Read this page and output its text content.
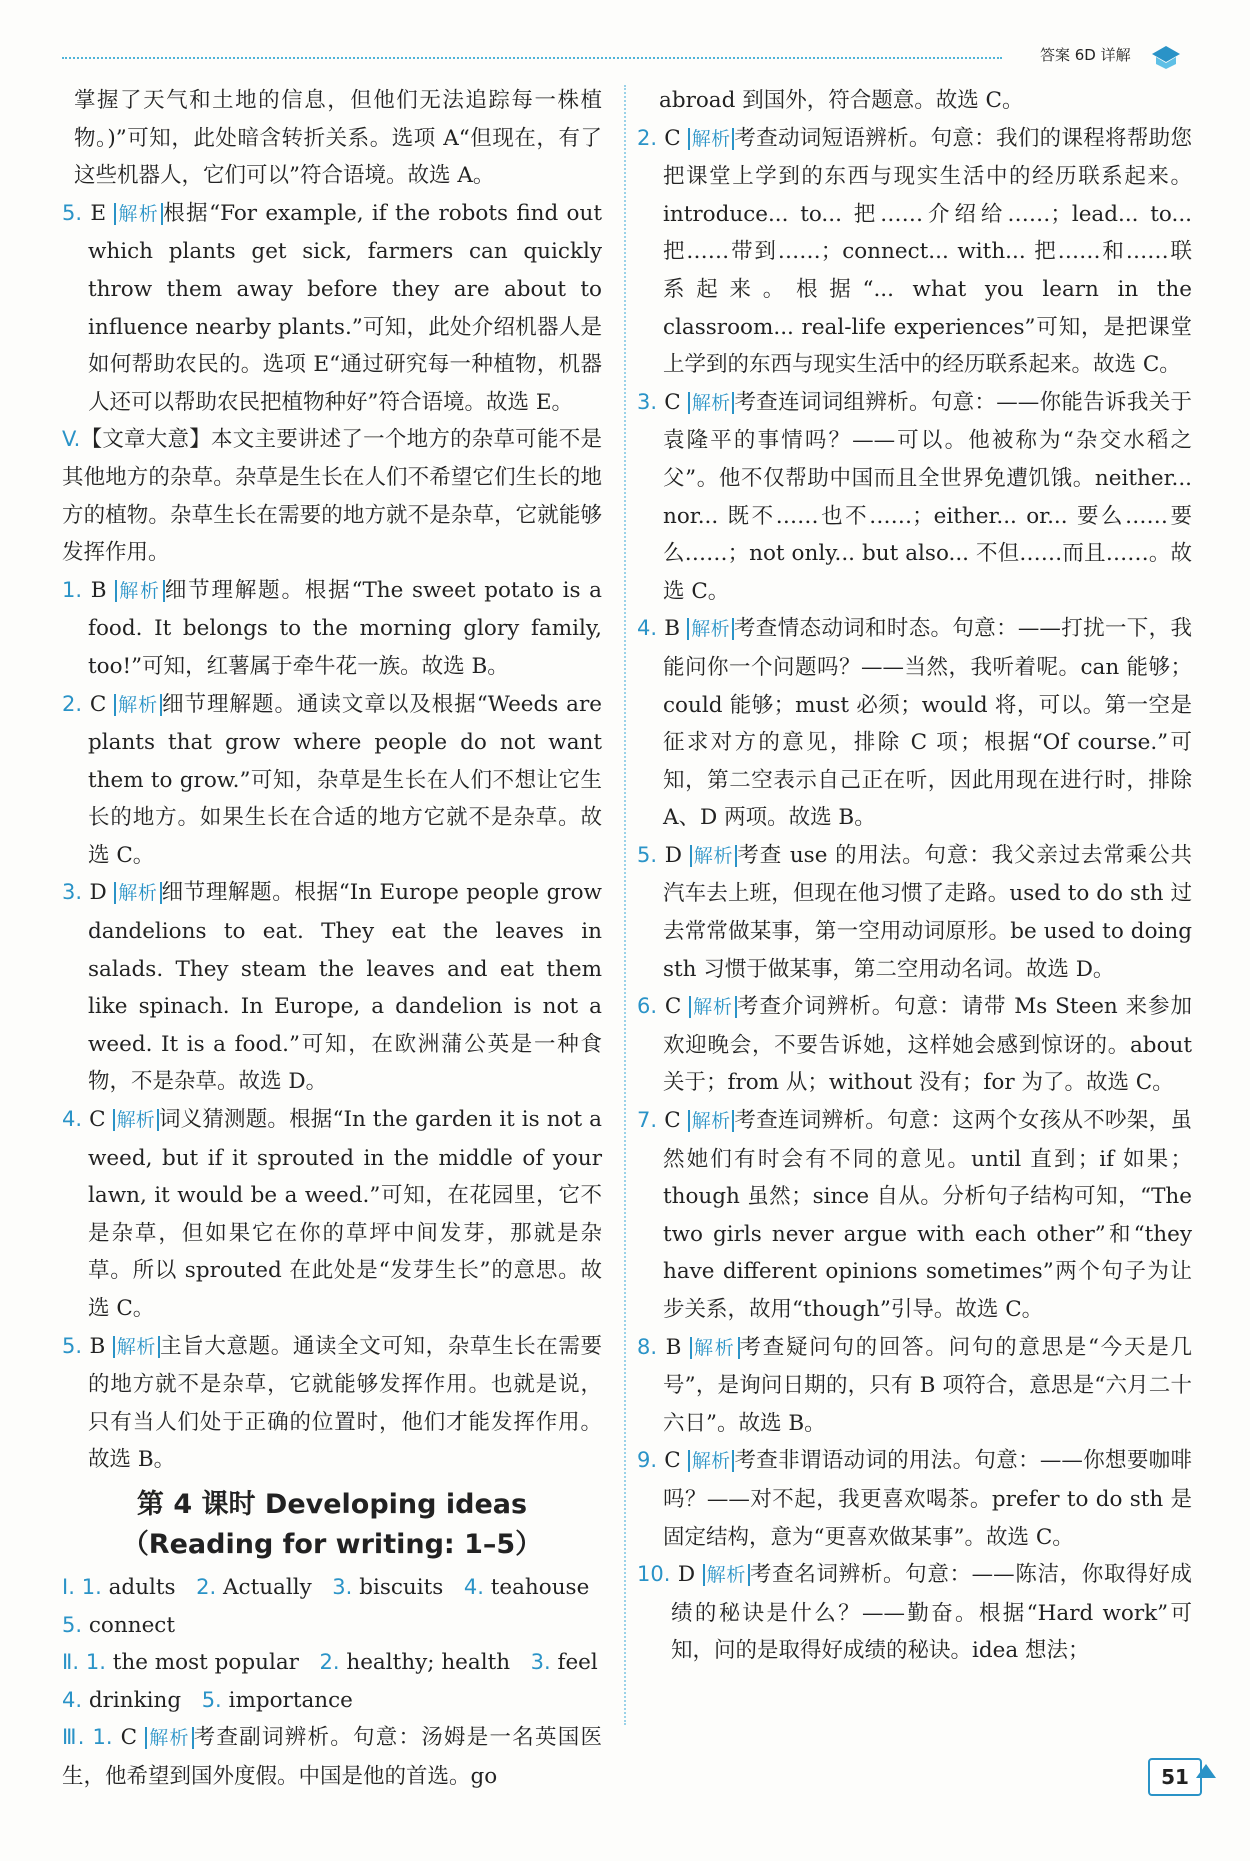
答案 6D 详解

掌握了天气和土地的信息，但他们无法追踪每一株植物。)”可知，此处暗含转折关系。选项 A“但现在，有了这些机器人，它们可以”符合语境。故选 A。

5. E 解析 根据“For example, if the robots find out which plants get sick, farmers can quickly throw them away before they are about to influence nearby plants.”可知，此处介绍机器人是如何帮助农民的。选项 E“通过研究每一种植物，机器人还可以帮助农民把植物种好”符合语境。故选 E。

V.【文章大意】本文主要讲述了一个地方的杂草可能不是其他地方的杂草。杂草是生长在人们不希望它们生长的地方的植物。杂草生长在需要的地方就不是杂草，它就能够发挥作用。

1. B 解析 细节理解题。根据“The sweet potato is a food. It belongs to the morning glory family, too!”可知，红薯属于牵牛花一族。故选 B。

2. C 解析 细节理解题。通读文章以及根据“Weeds are plants that grow where people do not want them to grow.”可知，杂草是生长在人们不想让它生长的地方。如果生长在合适的地方它就不是杂草。故选 C。

3. D 解析 细节理解题。根据“In Europe people grow dandelions to eat. They eat the leaves in salads. They steam the leaves and eat them like spinach. In Europe, a dandelion is not a weed. It is a food.”可知，在欧洲蒲公英是一种食物，不是杂草。故选 D。

4. C 解析 词义猜测题。根据“In the garden it is not a weed, but if it sprouted in the middle of your lawn, it would be a weed.”可知，在花园里，它不是杂草，但如果它在你的草坪中间发芽，那就是杂草。所以 sprouted 在此处是“发芽生长”的意思。故选 C。

5. B 解析 主旨大意题。通读全文可知，杂草生长在需要的地方就不是杂草，它就能够发挥作用。也就是说，只有当人们处于正确的位置时，他们才能发挥作用。故选 B。

第 4 课时 Developing ideas
（Reading for writing: 1–5）

Ⅰ. 1. adults 2. Actually 3. biscuits 4. teahouse
5. connect

Ⅱ. 1. the most popular 2. healthy; health 3. feel
4. drinking 5. importance

Ⅲ. 1. C 解析 考查副词辨析。句意：汤姆是一名英国医生，他希望到国外度假。中国是他的首选。go

abroad 到国外，符合题意。故选 C。

2. C 解析 考查动词短语辨析。句意：我们的课程将帮助您把课堂上学到的东西与现实生活中的经历联系起来。introduce... to... 把……介绍给……；lead... to... 把……带到……；connect... with... 把……和……联系起来。根据“... what you learn in the classroom... real-life experiences”可知，是把课堂上学到的东西与现实生活中的经历联系起来。故选 C。

3. C 解析 考查连词词组辨析。句意：——你能告诉我关于袁隆平的事情吗？——可以。他被称为“杂交水稻之父”。他不仅帮助中国而且全世界免遭饥饿。neither... nor... 既不……也不……；either... or... 要么……要么……；not only... but also... 不但……而且……。故选 C。

4. B 解析 考查情态动词和时态。句意：——打扰一下，我能问你一个问题吗？——当然，我听着呢。can 能够；could 能够；must 必须；would 将，可以。第一空是征求对方的意见，排除 C 项；根据“Of course.”可知，第二空表示自己正在听，因此用现在进行时，排除 A、D 两项。故选 B。

5. D 解析 考查 use 的用法。句意：我父亲过去常乘公共汽车去上班，但现在他习惯了走路。used to do sth 过去常常做某事，第一空用动词原形。be used to doing sth 习惯于做某事，第二空用动名词。故选 D。

6. C 解析 考查介词辨析。句意：请带 Ms Steen 来参加欢迎晚会，不要告诉她，这样她会感到惊讶的。about 关于；from 从；without 没有；for 为了。故选 C。

7. C 解析 考查连词辨析。句意：这两个女孩从不吵架，虽然她们有时会有不同的意见。until 直到；if 如果；though 虽然；since 自从。分析句子结构可知，“The two girls never argue with each other”和“they have different opinions sometimes”两个句子为让步关系，故用“though”引导。故选 C。

8. B 解析 考查疑问句的回答。问句的意思是“今天是几号”，是询问日期的，只有 B 项符合，意思是“六月二十六日”。故选 B。

9. C 解析 考查非谓语动词的用法。句意：——你想要咖啡吗？——对不起，我更喜欢喝茶。prefer to do sth 是固定结构，意为“更喜欢做某事”。故选 C。

10. D 解析 考查名词辨析。句意：——陈洁，你取得好成绩的秘诀是什么？——勤奋。根据“Hard work”可知，问的是取得好成绩的秘诀。idea 想法；

51
